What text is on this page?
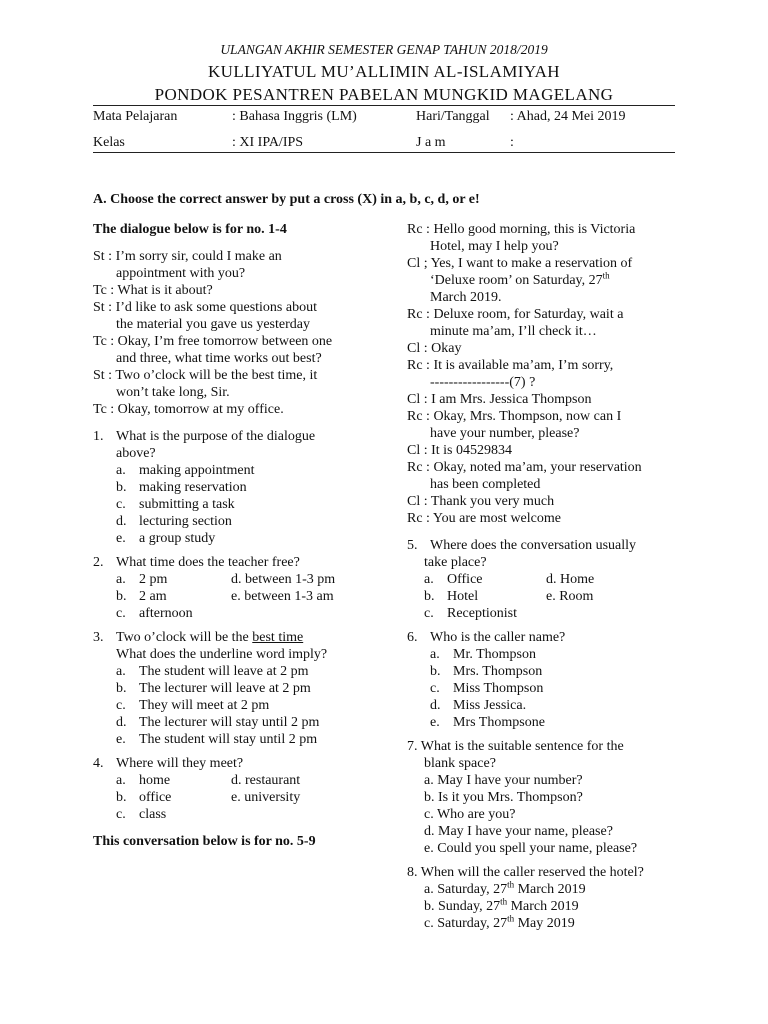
ULANGAN AKHIR SEMESTER GENAP TAHUN 2018/2019
KULLIYATUL MU’ALLIMIN AL-ISLAMIYAH
PONDOK PESANTREN PABELAN MUNGKID MAGELANG
Mata Pelajaran	: Bahasa Inggris (LM)	Hari/Tanggal : Ahad, 24 Mei 2019
Kelas	: XI IPA/IPS	J a m	:
A. Choose the correct answer by put a cross (X) in a, b, c, d, or e!
The dialogue below is for no. 1-4
St : I’m sorry sir, could I make an
appointment with you?
Tc : What is it about?
St : I’d like to ask some questions about
the material you gave us yesterday
Tc : Okay, I’m free tomorrow between one
and three, what time works out best?
St : Two o’clock will be the best time, it
won’t take long, Sir.
Tc : Okay, tomorrow at my office.
1. What is the purpose of the dialogue
above?
a. making appointment
b. making reservation
c. submitting a task
d. lecturing section
e. a group study
2. What time does the teacher free?
a. 2 pm	d. between 1-3 pm
b. 2 am	e. between 1-3 am
c. afternoon
3. Two o’clock will be the best time
What does the underline word imply?
a. The student will leave at 2 pm
b. The lecturer will leave at 2 pm
c. They will meet at 2 pm
d. The lecturer will stay until 2 pm
e. The student will stay until 2 pm
4. Where will they meet?
a. home	d. restaurant
b. office	e. university
c. class
This conversation below is for no. 5-9
Rc : Hello good morning, this is Victoria
Hotel, may I help you?
Cl ; Yes, I want to make a reservation of
‘Deluxe room’ on Saturday, 27th
March 2019.
Rc : Deluxe room, for Saturday, wait a
minute ma’am, I’ll check it…
Cl : Okay
Rc : It is available ma’am, I’m sorry,
-----------------(7) ?
Cl : I am Mrs. Jessica Thompson
Rc : Okay, Mrs. Thompson, now can I
have your number, please?
Cl : It is 04529834
Rc : Okay, noted ma’am, your reservation
has been completed
Cl : Thank you very much
Rc : You are most welcome
5. Where does the conversation usually
take place?
a. Office	d. Home
b. Hotel	e. Room
c. Receptionist
6. Who is the caller name?
a. Mr. Thompson
b. Mrs. Thompson
c. Miss Thompson
d. Miss Jessica.
e. Mrs Thompsone
7. What is the suitable sentence for the
blank space?
a. May I have your number?
b. Is it you Mrs. Thompson?
c. Who are you?
d. May I have your name, please?
e. Could you spell your name, please?
8. When will the caller reserved the hotel?
a. Saturday, 27th March 2019
b. Sunday, 27th March 2019
c. Saturday, 27th May 2019
